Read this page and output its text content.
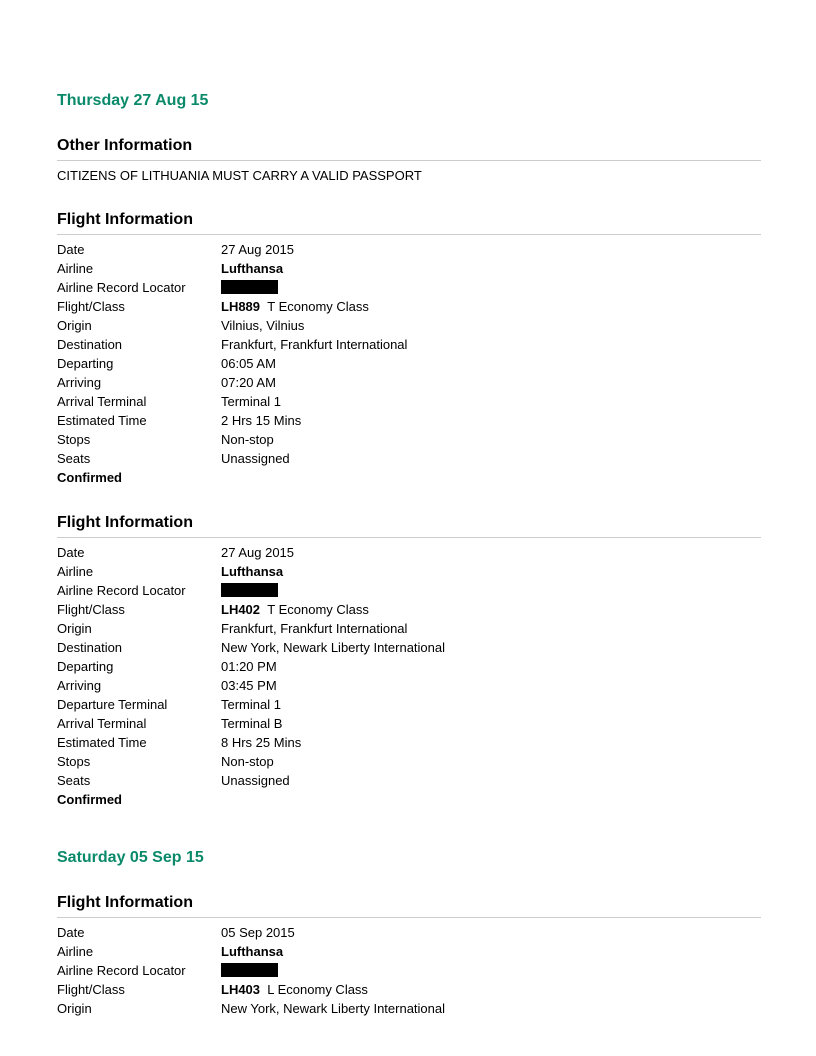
Thursday 27 Aug 15
Other Information
CITIZENS OF LITHUANIA MUST CARRY A VALID PASSPORT
Flight Information
Date	27 Aug 2015
Airline	Lufthansa
Airline Record Locator
Flight/Class	LH889 T Economy Class
Origin	Vilnius, Vilnius
Destination	Frankfurt, Frankfurt International
Departing	06:05 AM
Arriving	07:20 AM
Arrival Terminal	Terminal 1
Estimated Time	2 Hrs 15 Mins
Stops	Non-stop
Seats	Unassigned
Confirmed
Flight Information
Date	27 Aug 2015
Airline	Lufthansa
Airline Record Locator
Flight/Class	LH402 T Economy Class
Origin	Frankfurt, Frankfurt International
Destination	New York, Newark Liberty International
Departing	01:20 PM
Arriving	03:45 PM
Departure Terminal	Terminal 1
Arrival Terminal	Terminal B
Estimated Time	8 Hrs 25 Mins
Stops	Non-stop
Seats	Unassigned
Confirmed
Saturday 05 Sep 15
Flight Information
Date	05 Sep 2015
Airline	Lufthansa
Airline Record Locator
Flight/Class	LH403 L Economy Class
Origin	New York, Newark Liberty International
